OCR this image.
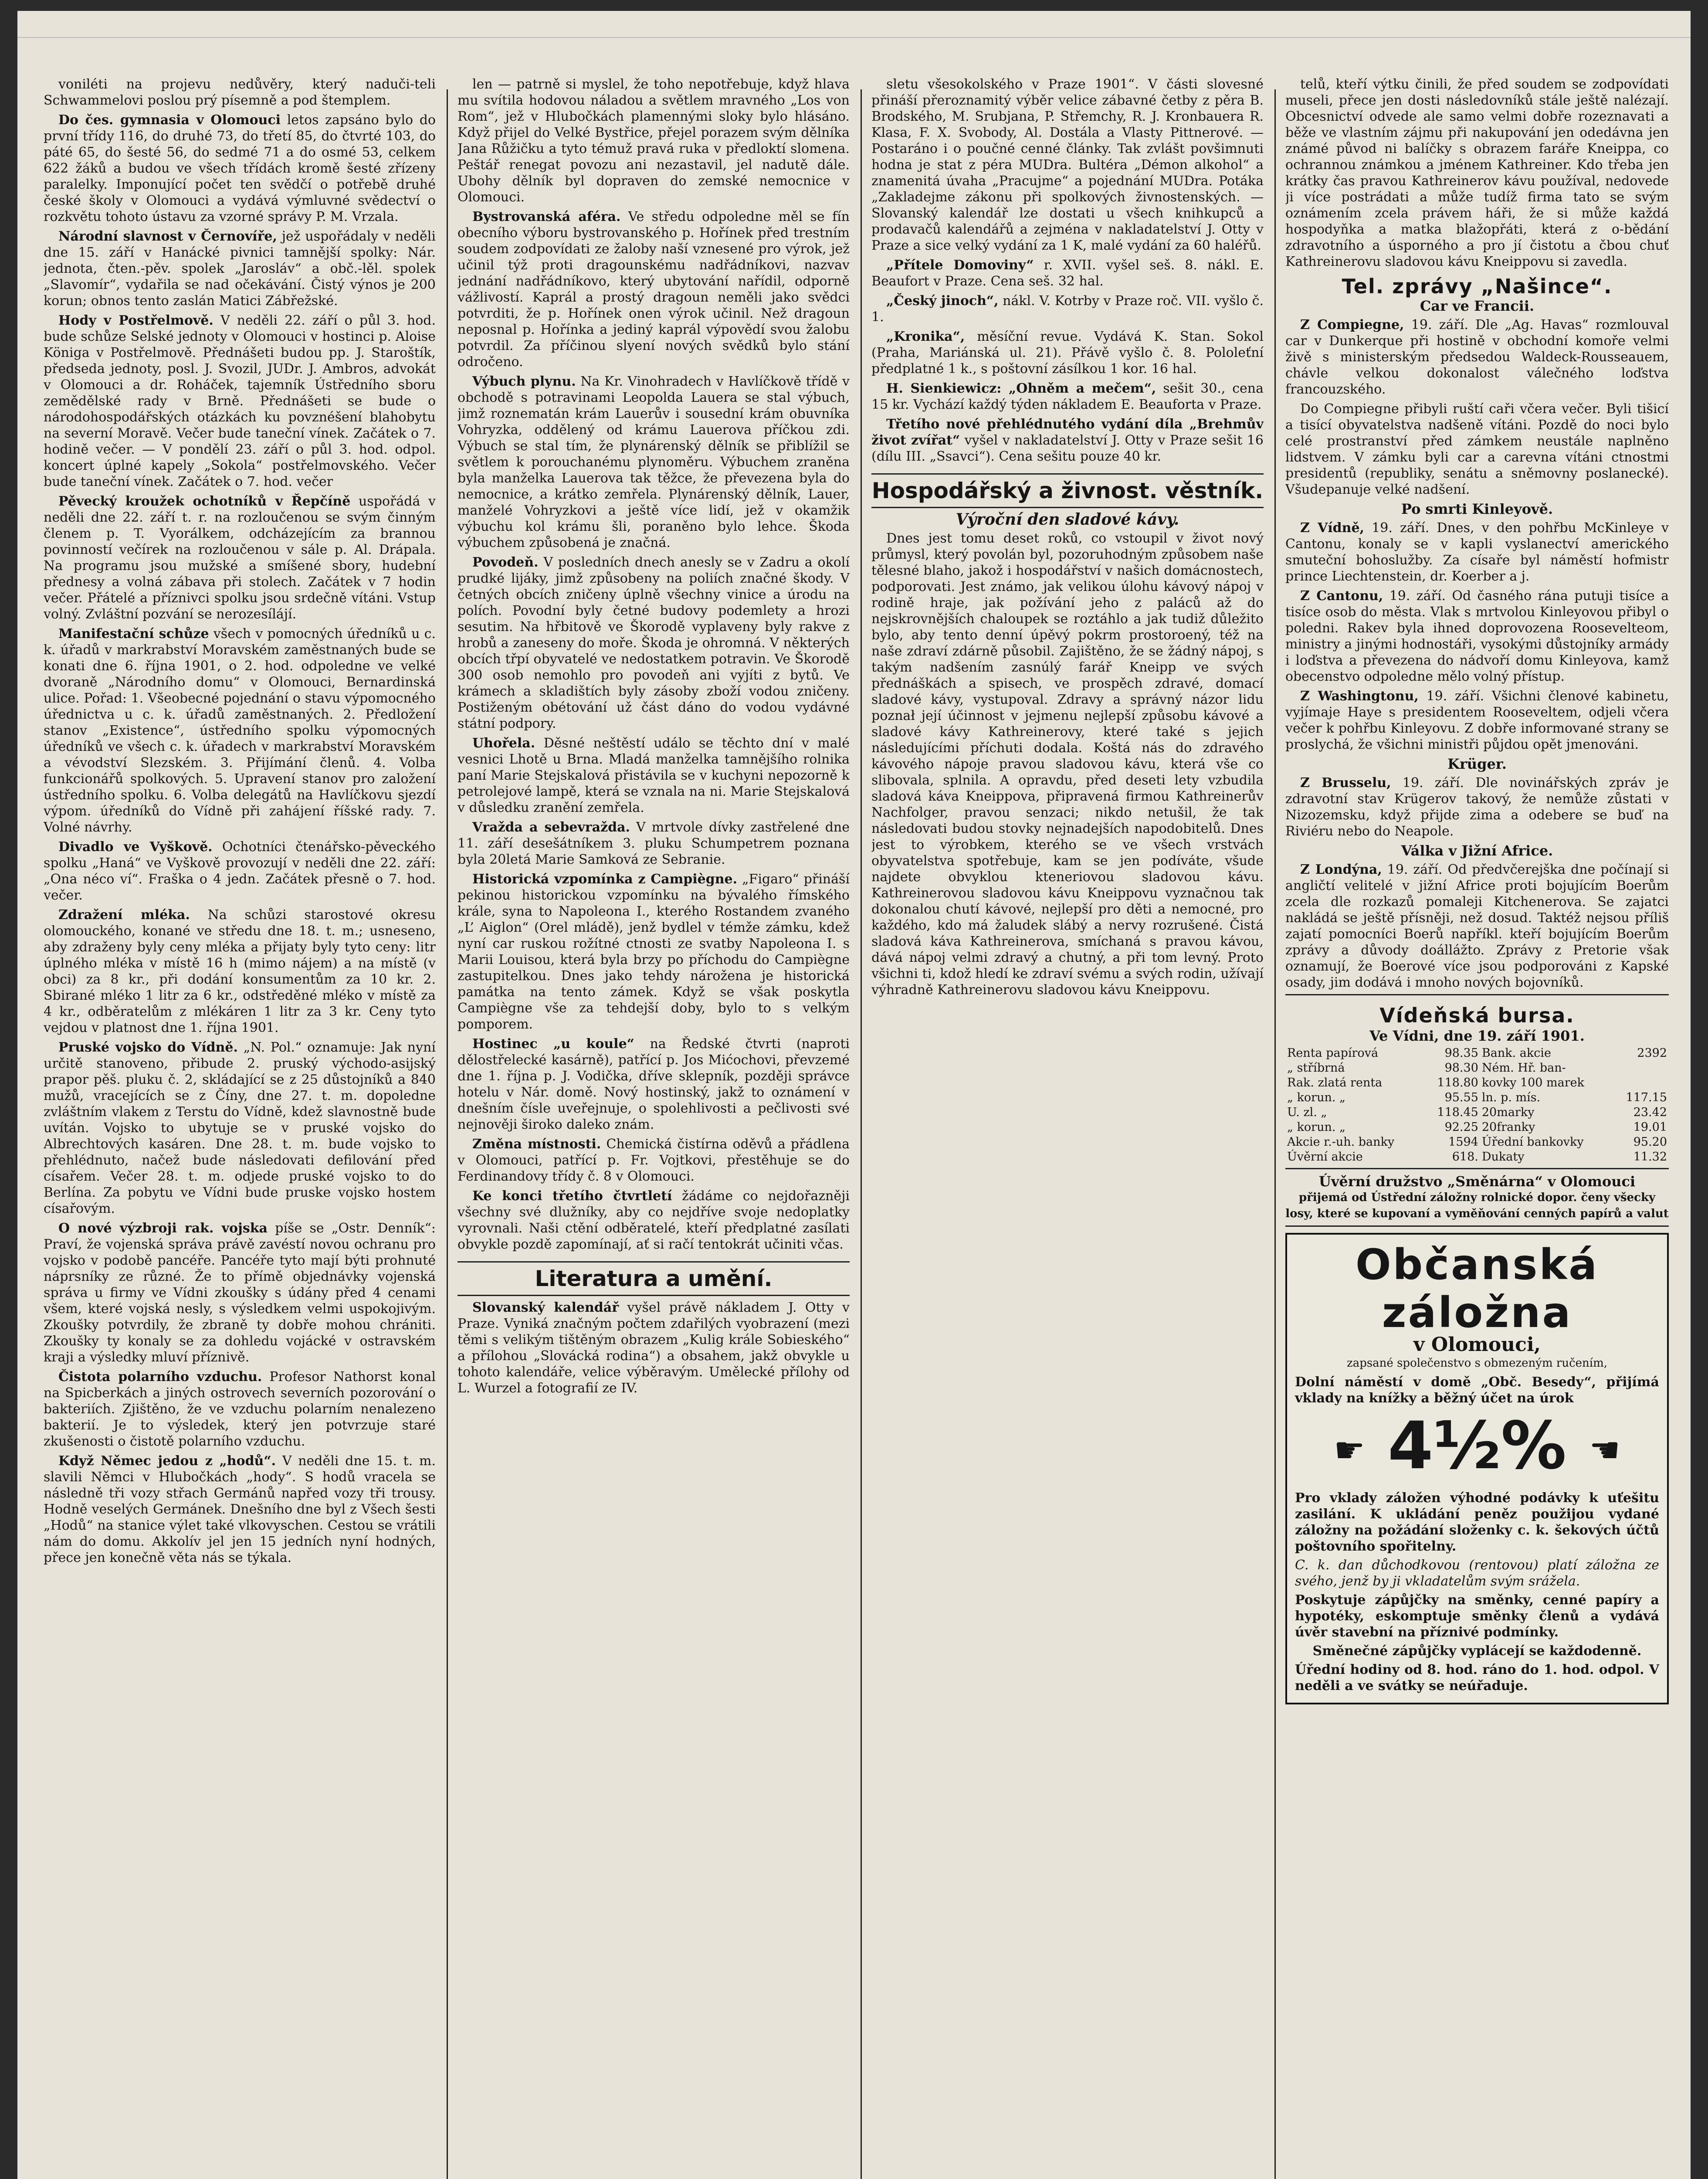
voniléti na projevu nedůvěry, který naduči-teli Schwammelovi poslou prý písemně a pod štemplem.

Do čes. gymnasia v Olomouci letos zapsáno bylo do první třídy 116, do druhé 73, do třetí 85, do čtvrté 103, do páté 65, do šesté 56, do sedmé 71 a do osmé 53, celkem 622 žáků a budou ve všech třídách kromě šesté zřízeny paralelky. Imponující počet ten svědčí o potřebě druhé české školy v Olomouci a vydává výmluvné svědectví o rozkvětu tohoto ústavu za vzorné správy P. M. Vrzala.

Národní slavnost v Černovíře, jež uspořádaly v neděli dne 15. září v Hanácké pivnici tamnější spolky: Nár. jednota, čten.-pěv. spolek „Jarosláv“ a obč.-lěl. spolek „Slavomír“, vydařila se nad očekávání. Čistý výnos je 200 korun; obnos tento zaslán Matici Zábřežské.

Hody v Postřelmově. V neděli 22. září o půl 3. hod. bude schůze Selské jednoty v Olomouci v hostinci p. Aloise Königa v Postřelmově. Přednášeti budou pp. J. Staroštík, předseda jednoty, posl. J. Svozil, JUDr. J. Ambros, advokát v Olomouci a dr. Roháček, tajemník Ústředního sboru zemědělské rady v Brně. Přednášeti se bude o národohospodářských otázkách ku povznéšení blahobytu na severní Moravě. Večer bude taneční vínek. Začátek o 7. hodině večer. — V pondělí 23. září o půl 3. hod. odpol. koncert úplné kapely „Sokola“ postřelmovského. Večer bude taneční vínek. Začátek o 7. hod. večer

Pěvecký kroužek ochotníků v Řepčíně uspořádá v neděli dne 22. září t. r. na rozloučenou se svým činným členem p. T. Vyorálkem, odcházejícím za brannou povinností večírek na rozloučenou v sále p. Al. Drápala. Na programu jsou mužské a smíšené sbory, hudební přednesy a volná zábava při stolech. Začátek v 7 hodin večer. Přátelé a příznivci spolku jsou srdečně vítáni. Vstup volný. Zvláštní pozvání se nerozesílájí.

Manifestační schůze všech v pomocných úředníků u c. k. úřadů v markrabství Moravském zaměstnaných bude se konati dne 6. října 1901, o 2. hod. odpoledne ve velké dvoraně „Národního domu“ v Olomouci, Bernardinská ulice. Pořad: 1. Všeobecné pojednání o stavu výpomocného úřednictva u c. k. úřadů zaměstnaných. 2. Předložení stanov „Existence“, ústředního spolku výpomocných úředníků ve všech c. k. úřadech v markrabství Moravském a vévodství Slezském. 3. Přijímání členů. 4. Volba funkcionářů spolkových. 5. Upravení stanov pro založení ústředního spolku. 6. Volba delegátů na Havlíčkovu sjezdí výpom. úředníků do Vídně při zahájení říšské rady. 7. Volné návrhy.

Divadlo ve Vyškově. Ochotníci čtenářsko-pěveckého spolku „Haná“ ve Vyškově provozují v neděli dne 22. září: „Ona néco ví“. Fraška o 4 jedn. Začátek přesně o 7. hod. večer.

Zdražení mléka. Na schůzi starostové okresu olomouckého, konané ve středu dne 18. t. m.; usneseno, aby zdraženy byly ceny mléka a přijaty byly tyto ceny: litr úplného mléka v místě 16 h (mimo nájem) a na místě (v obci) za 8 kr., při dodání konsumentům za 10 kr. 2. Sbirané mléko 1 litr za 6 kr., odstředěné mléko v místě za 4 kr., odběratelům z mlékáren 1 litr za 3 kr. Ceny tyto vejdou v platnost dne 1. října 1901.

Pruské vojsko do Vídně. „N. Pol.“ oznamuje: Jak nyní určitě stanoveno, přibude 2. pruský východo-asijský prapor pěš. pluku č. 2, skládající se z 25 důstojníků a 840 mužů, vracejících se z Číny, dne 27. t. m. dopoledne zvláštním vlakem z Terstu do Vídně, kdež slavnostně bude uvítán. Vojsko to ubytuje se v pruské vojsko do Albrechtových kasáren. Dne 28. t. m. bude vojsko to přehlédnuto, načež bude následovati defilování před císařem. Večer 28. t. m. odjede pruské vojsko to do Berlína. Za pobytu ve Vídni bude pruske vojsko hostem císařovým.

O nové výzbroji rak. vojska píše se „Ostr. Denník“: Praví, že vojenská správa právě zavéstí novou ochranu pro vojsko v podobě pancéře. Pancéře tyto mají býti prohnuté náprsníky ze různé. Že to přímě objednávky vojenská správa u firmy ve Vídni zkoušky s údány před 4 cenami všem, které vojská nesly, s výsledkem velmi uspokojivým. Zkoušky potvrdily, že zbraně ty dobře mohou chrániti. Zkoušky ty konaly se za dohledu vojácké v ostravském kraji a výsledky mluví příznivě.

Čistota polarního vzduchu. Profesor Nathorst konal na Spicberkách a jiných ostrovech severních pozorování o bakteriích. Zjištěno, že ve vzduchu polarním nenalezeno bakterií. Je to výsledek, který jen potvrzuje staré zkušenosti o čistotě polarního vzduchu.

Když Němec jedou z „hodů“. V neděli dne 15. t. m. slavili Němci v Hlubočkách „hody“. S hodů vracela se následně tři vozy střach Germánů napřed vozy tři trousy. Hodně veselých Germánek. Dnešního dne byl z Všech šesti „Hodů“ na stanice výlet také vlkovyschen. Cestou se vrátili nám do domu. Akkolív jel jen 15 jedních nyní hodných, přece jen konečně věta nás se týkala.

len — patrně si myslel, že toho nepotřebuje, když hlava mu svítila hodovou náladou a světlem mravného „Los von Rom“, jež v Hlubočkách plamennými sloky bylo hlásáno. Když přijel do Velké Bystřice, přejel porazem svým dělníka Jana Růžičku a tyto témuž pravá ruka v předloktí slomena. Peštář renegat povozu ani nezastavil, jel nadutě dále. Ubohy dělník byl dopraven do zemské nemocnice v Olomouci.

Bystrovanská aféra. Ve středu odpoledne měl se fín obecního výboru bystrovanského p. Hořínek před trestním soudem zodpovídati ze žaloby naší vznesené pro výrok, jež učinil týž proti dragounskému nadřádníkovi, nazvav jednání nadřádníkovo, který ubytování nařídil, odporně vážlivostí. Kaprál a prostý dragoun neměli jako svědci potvrditi, že p. Hořínek onen výrok učinil. Než dragoun neposnal p. Hořínka a jediný kaprál výpovědí svou žalobu potvrdil. Za příčinou slyení nových svědků bylo stání odročeno.

Výbuch plynu. Na Kr. Vinohradech v Havlíčkově třídě v obchodě s potravinami Leopolda Lauera se stal výbuch, jimž roznematán krám Lauerův i sousední krám obuvníka Vohryzka, oddělený od krámu Lauerova příčkou zdi. Výbuch se stal tím, že plynárenský dělník se přiblížil se světlem k porouchanému plynoměru. Výbuchem zraněna byla manželka Lauerova tak těžce, že převezena byla do nemocnice, a krátko zemřela. Plynárenský dělník, Lauer, manželé Vohryzkovi a ještě více lidí, jež v okamžik výbuchu kol krámu šli, poraněno bylo lehce. Škoda výbuchem způsobená je značná.

Povodeň. V posledních dnech anesly se v Zadru a okolí prudké lijáky, jimž způsobeny na poliích značné škody. V četných obcích zničeny úplně všechny vinice a úrodu na polích. Povodní byly četné budovy podemlety a hrozi sesutim. Na hřbitově ve Škorodě vyplaveny byly rakve z hrobů a zaneseny do moře. Škoda je ohromná. V některých obcích třpí obyvatelé ve nedostatkem potravin. Ve Škorodě 300 osob nemohlo pro povodeň ani vyjíti z bytů. Ve krámech a skladištích byly zásoby zboží vodou zničeny. Postiženým obétování už část dáno do vodou vydávné státní podpory.

Uhořela. Děsné neštěstí událo se těchto dní v malé vesnici Lhotě u Brna. Mladá manželka tamnějšího rolnika paní Marie Stejskalová přistávila se v kuchyni nepozorně k petrolejové lampě, která se vznala na ni. Marie Stejskalová v důsledku zranění zemřela.

Vražda a sebevražda. V mrtvole dívky zastřelené dne 11. září desešátníkem 3. pluku Schumpetrem poznana byla 20letá Marie Samková ze Sebranie.

Historická vzpomínka z Campiègne. „Figaro“ přináší pekinou historickou vzpomínku na bývalého římského krále, syna to Napoleona I., kterého Rostandem zvaného „L’ Aiglon“ (Orel mládě), jenž bydlel v témže zámku, kdež nyní car ruskou rožítné ctnosti ze svatby Napoleona I. s Marii Louisou, která byla brzy po příchodu do Campiègne zastupitelkou. Dnes jako tehdy nárožena je historická památka na tento zámek. Když se však poskytla Campiègne vše za tehdejší doby, bylo to s velkým pomporem.

Hostinec „u koule“ na Ředské čtvrti (naproti dělostřelecké kasárně), patřící p. Jos Mićochovi, převzemé dne 1. října p. J. Vodička, dříve sklepník, později správce hotelu v Nár. domě. Nový hostinský, jakž to oznámení v dnešním čísle uveřejnuje, o spolehlivosti a pečlivosti své nejnověji široko daleko znám.

Změna místnosti. Chemická čistírna oděvů a přádlena v Olomouci, patřící p. Fr. Vojtkovi, přestěhuje se do Ferdinandovy třídy č. 8 v Olomouci.

Ke konci třetího čtvrtletí žádáme co nejdořazněji všechny své dlužníky, aby co nejdříve svoje nedoplatky vyrovnali. Naši ctění odběratelé, kteří předplatné zasílati obvykle pozdě zapomínají, ať si račí tentokrát učiniti včas.

Literatura a umění.

Slovanský kalendář vyšel právě nákladem J. Otty v Praze. Vyniká značným počtem zdařilých vyobrazení (mezi těmi s velikým tištěným obrazem „Kulig krále Sobieského“ a přílohou „Slovácká rodina“) a obsahem, jakž obvykle u tohoto kalendáře, velice výběravým. Umělecké přílohy od L. Wurzel a fotografií ze IV.

sletu všesokolského v Praze 1901“. V části slovesné přináší přeroznamitý výběr velice zábavné četby z pěra B. Brodského, M. Srubjana, P. Střemchy, R. J. Kronbauera R. Klasa, F. X. Svobody, Al. Dostála a Vlasty Pittnerové. — Postaráno i o poučné cenné články. Tak zvlášt povšimnuti hodna je stat z péra MUDra. Bultéra „Démon alkohol“ a znamenitá úvaha „Pracujme“ a pojednání MUDra. Potáka „Zakladejme zákonu při spolkových živnostenských. — Slovanský kalendář lze dostati u všech knihkupců a prodavačů kalendářů a zejména v nakladatelství J. Otty v Praze a sice velký vydání za 1 K, malé vydání za 60 haléřů.

„Přítele Domoviny“ r. XVII. vyšel seš. 8. nákl. E. Beaufort v Praze. Cena seš. 32 hal.

„Český jinoch“, nákl. V. Kotrby v Praze roč. VII. vyšlo č. 1.

„Kronika“, měsíční revue. Vydává K. Stan. Sokol (Praha, Mariánská ul. 21). Přávě vyšlo č. 8. Pololeťní předplatné 1 k., s poštovní zásílkou 1 kor. 16 hal.

H. Sienkiewicz: „Ohněm a mečem“, sešit 30., cena 15 kr. Vychází každý týden nákladem E. Beauforta v Praze.

Třetího nové přehlédnutého vydání díla „Brehmův život zvířat“ vyšel v nakladatelství J. Otty v Praze sešit 16 (dílu III. „Ssavci“). Cena sešitu pouze 40 kr.

Hospodářský a živnost. věstník.
Výroční den sladové kávy.

Dnes jest tomu deset roků, co vstoupil v život nový průmysl, který povolán byl, pozoruhodným způsobem naše tělesné blaho, jakož i hospodářství v našich domácnostech, podporovati. Jest známo, jak velikou úlohu kávový nápoj v rodině hraje, jak požívání jeho z paláců až do nejskrovnějších chaloupek se roztáhlo a jak tudiž důležito bylo, aby tento denní úpěvý pokrm prostoroený, též na naše zdraví zdárně působil. Zajištěno, že se žádný nápoj, s takým nadšením zasnúlý farář Kneipp ve svých přednáškách a spisech, ve prospěch zdravé, domací sladové kávy, vystupoval. Zdravy a správný názor lidu poznał její účinnost v jejmenu nejlepší způsobu kávové a sladové kávy Kathreinerovy, které také s jejich následujícími příchuti dodala. Koštá nás do zdravého kávového nápoje pravou sladovou kávu, která vše co slibovala, splnila. A opravdu, před deseti lety vzbudila sladová káva Kneippova, připravená firmou Kathreinerův Nachfolger, pravou senzaci; nikdo netušil, že tak následovati budou stovky nejnadejších napodobitelů. Dnes jest to výrobkem, kterého se ve všech vrstvách obyvatelstva spotřebuje, kam se jen podíváte, všude najdete obvyklou kteneriovou sladovou kávu. Kathreinerovou sladovou kávu Kneippovu vyznačnou tak dokonalou chutí kávové, nejlepší pro děti a nemocné, pro každého, kdo má žaludek slábý a nervy rozrušené. Čistá sladová káva Kathreinerova, smíchaná s pravou kávou, dává nápoj velmi zdravý a chutný, a při tom levný. Proto všichni ti, kdož hledí ke zdraví svému a svých rodin, užívají výhradně Kathreinerovu sladovou kávu Kneippovu.

telů, kteří výtku činili, že před soudem se zodpovídati museli, přece jen dosti následovníků stále ještě nalézají. Obcesnictví odvede ale samo velmi dobře rozeznavati a běže ve vlastním zájmu při nakupování jen odedávna jen známé původ ni balíčky s obrazem faráře Kneippa, co ochrannou známkou a jménem Kathreiner. Kdo třeba jen krátky čas pravou Kathreinerov kávu používal, nedovede ji více postrádati a může tudíž firma tato se svým oznámením zcela právem háři, že si může každá hospodyňka a matka blažopřáti, která z o-bědání zdravotního a úsporného a pro jí čistotu a čbou chuť Kathreinerovu sladovou kávu Kneippovu si zavedla.

Tel. zprávy „Našince“.
Car ve Francii.

Z Compiegne, 19. září. Dle „Ag. Havas“ rozmlouval car v Dunkerque při hostině v obchodní komoře velmi živě s ministerským předsedou Waldeck-Rousseauem, chávle velkou dokonalost válečného loďstva francouzského.

Do Compiegne přibyli ruští caři včera večer. Byli tišicí a tisící obyvatelstva nadšeně vítáni. Pozdě do noci bylo celé prostranství před zámkem neustále naplněno lidstvem. V zámku byli car a carevna vítáni ctnostmi presidentů (republiky, senátu a sněmovny poslanecké). Všudepanuje velké nadšení.

Po smrti Kinleyově.

Z Vídně, 19. září. Dnes, v den pohřbu McKinleye v Cantonu, konaly se v kapli vyslanectví amerického smuteční bohoslužby. Za císaře byl náměstí hofmistr prince Liechtenstein, dr. Koerber a j.

Z Cantonu, 19. září. Od časného rána putuji tisíce a tisíce osob do města. Vlak s mrtvolou Kinleyovou přibyl o poledni. Rakev byla ihned doprovozena Roosevelteom, ministry a jinými hodnostáři, vysokými důstojníky armády i loďstva a převezena do nádvoří domu Kinleyova, kamž obecenstvo odpoledne mělo volný přístup.

Z Washingtonu, 19. září. Všichni členové kabinetu, vyjímaje Haye s presidentem Rooseveltem, odjeli včera večer k pohřbu Kinleyovu. Z dobře informované strany se proslychá, že všichni ministři půjdou opět jmenováni.

Krüger.

Z Brusselu, 19. září. Dle novinářských zpráv je zdravotní stav Krügerov takový, že nemůže zůstati v Nizozemsku, když přijde zima a odebere se buď na Riviéru nebo do Neapole.

Válka v Jižní Africe.

Z Londýna, 19. září. Od předvčerejška dne počínají si angličtí velitelé v jižní Africe proti bojujícím Boerům zcela dle rozkazů pomaleji Kitchenerova. Se zajatci nakládá se ještě přísněji, než dosud. Taktéž nejsou příliš zajatí pomocníci Boerů napříkl. kteří bojujícím Boerům zprávy a důvody doállážto. Zprávy z Pretorie však oznamují, že Boerové více jsou podporováni z Kapské osady, jim dodává i mnoho nových bojovníků.

Vídeňská bursa.
Ve Vídni, dne 19. září 1901.
Renta papírová	98.35	Bank. akcie	2392
„ stříbrná	98.30	Ném. Hř. ban-	
Rak. zlatá renta	118.80	kovky 100 marek	
„ korun. „	95.55	ln. p. mís.	117.15
U. zl. „	118.45	20marky	23.42
„ korun. „	92.25	20franky	19.01
Akcie r.-uh. banky	1594	Úřední bankovky	95.20
Úvěrní akcie	618.	Dukaty	11.32
Úvěrní družstvo „Směnárna“ v Olomouci
přijemá od Ústřední záložny rolnické dopor. čeny všecky losy, které se kupovaní a vyměňování cenných papírů a valut
Občanská záložna
v Olomouci,

zapsané společenstvo s obmezeným ručením,

Dolní náměstí v domě „Obč. Besedy“, přijímá vklady na knížky a běžný účet na úrok

☛ 4½% ☚

Pro vklady záložen výhodné podávky k uťešitu zasilání. K ukládání peněz použijou vydané záložny na požádání složenky c. k. šekových účtů poštovního spořitelny.

C. k. dan důchodkovou (rentovou) platí záložna ze svého, jenž by ji vkladatelům svým srážela.

Poskytuje zápůjčky na směnky, cenné papíry a hypotéky, eskomptuje směnky členů a vydává úvěr stavební na příznivé podmínky.

Směnečné zápůjčky vyplácejí se každodenně.

Úřední hodiny od 8. hod. ráno do 1. hod. odpol. V neděli a ve svátky se neúřaduje.
